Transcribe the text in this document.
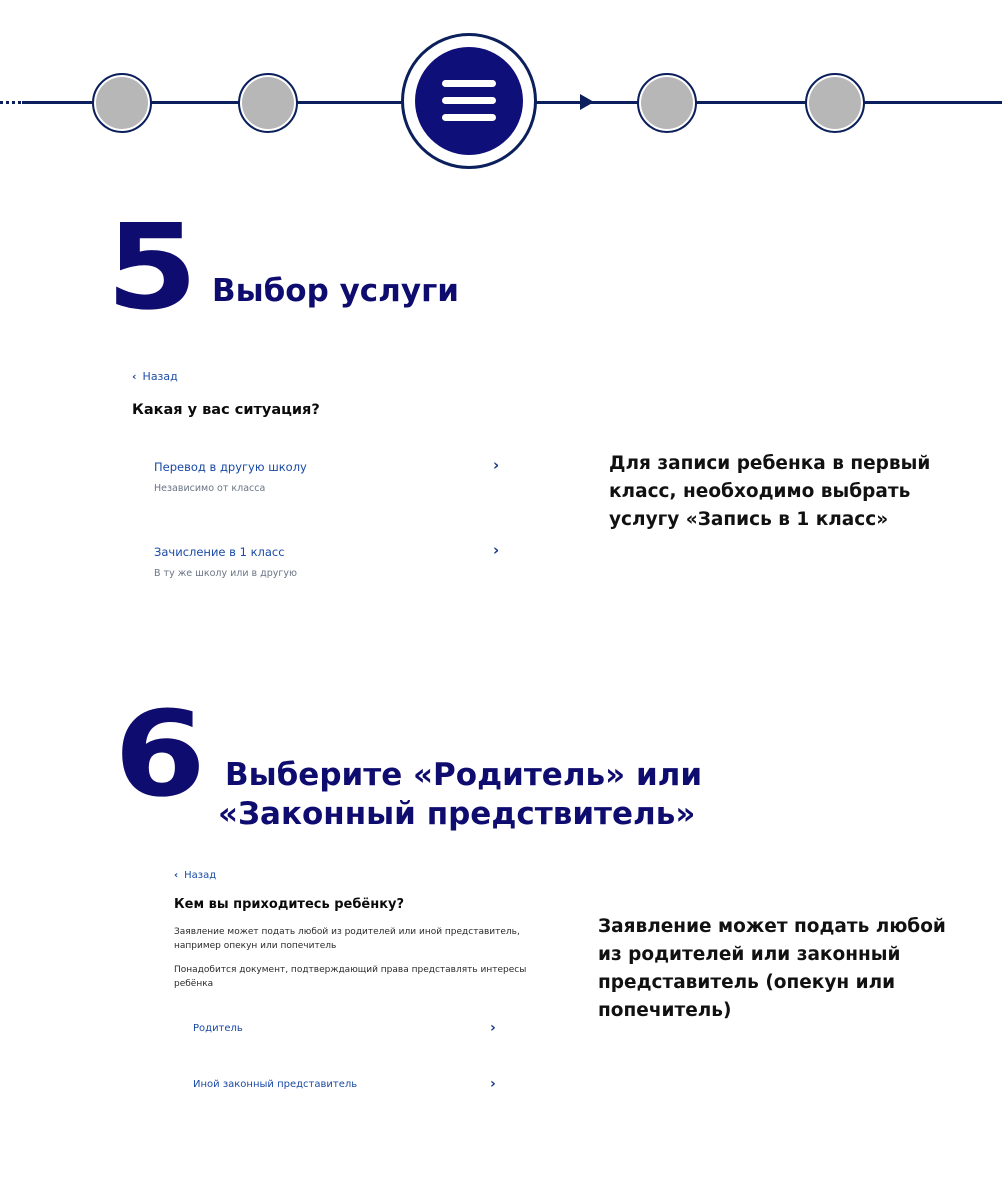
5 Выбор услуги
‹ Назад
Какая у вас ситуация?
Перевод в другую школу
Независимо от класса
›
Зачисление в 1 класс
В ту же школу или в другую
›
Для записи ребенка в первый
класс, необходимо выбрать
услугу «Запись в 1 класс»
6 Выберите «Родитель» или
«Законный предствитель»
‹ Назад
Кем вы приходитесь ребёнку?
Заявление может подать любой из родителей или иной представитель,
например опекун или попечитель
Понадобится документ, подтверждающий права представлять интересы
ребёнка
Родитель	›
Иной законный представитель	›
Заявление может подать любой
из родителей или законный
представитель (опекун или
попечитель)
